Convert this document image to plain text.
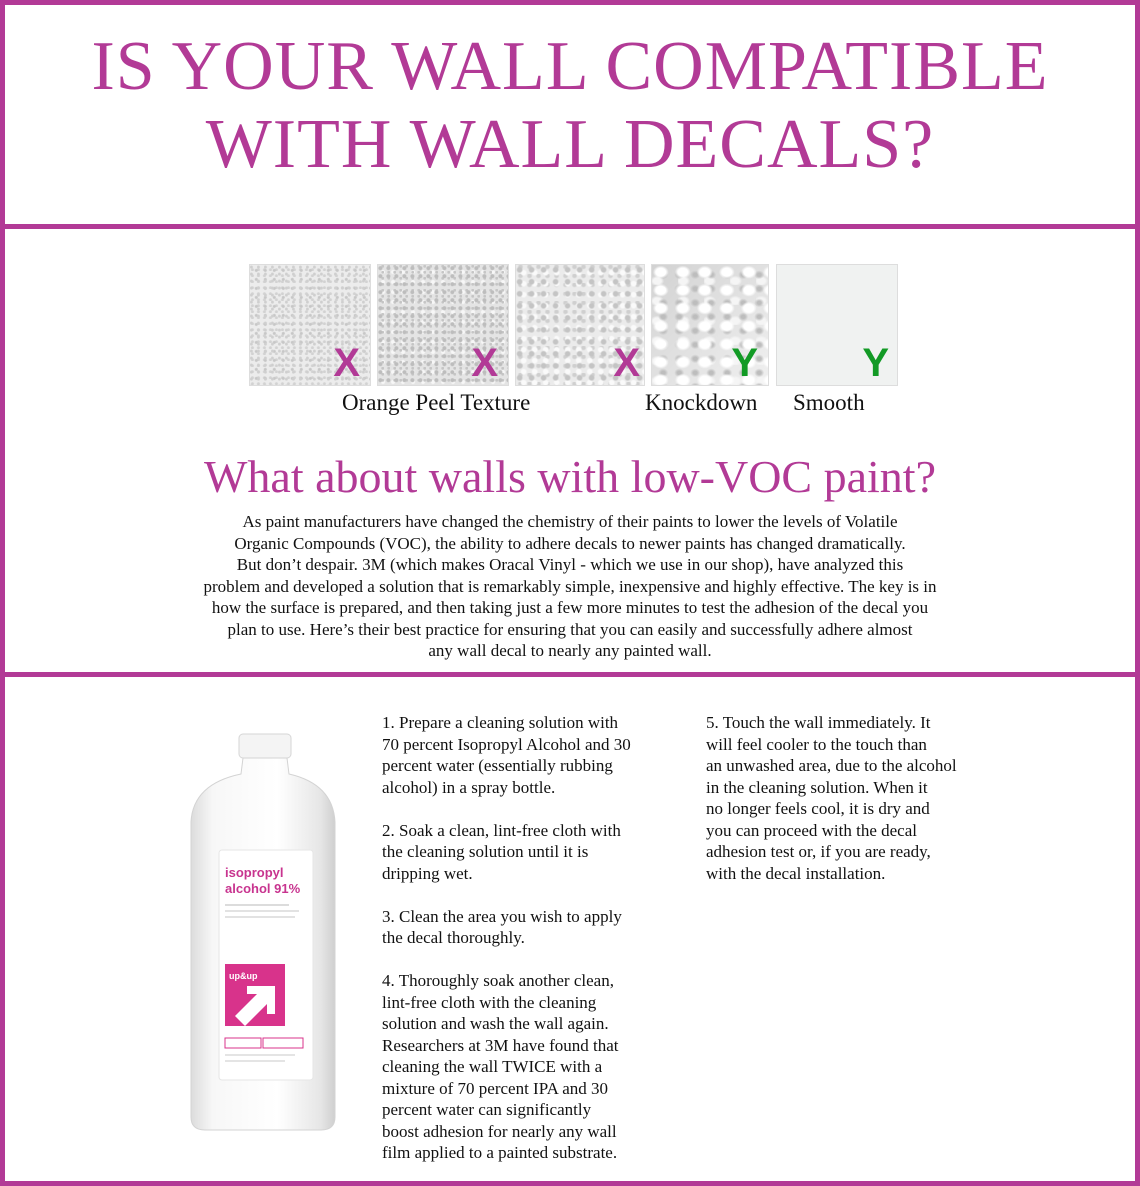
IS YOUR WALL COMPATIBLE
WITH WALL DECALS?
X	X	X Y	Y
Orange Peel Texture	Knockdown Smooth
What about walls with low-VOC paint?
As paint manufacturers have changed the chemistry of their paints to lower the levels of Volatile
Organic Compounds (VOC), the ability to adhere decals to newer paints has changed dramatically.
But don’t despair. 3M (which makes Oracal Vinyl - which we use in our shop), have analyzed this
problem and developed a solution that is remarkably simple, inexpensive and highly effective. The key is in
how the surface is prepared, and then taking just a few more minutes to test the adhesion of the decal you
plan to use. Here’s their best practice for ensuring that you can easily and successfully adhere almost
any wall decal to nearly any painted wall.
isopropyl
alcohol 91%
up&up

1. Prepare a cleaning solution with
70 percent Isopropyl Alcohol and 30
percent water (essentially rubbing
alcohol) in a spray bottle.

2. Soak a clean, lint-free cloth with
the cleaning solution until it is
dripping wet.

3. Clean the area you wish to apply
the decal thoroughly.

4. Thoroughly soak another clean,
lint-free cloth with the cleaning
solution and wash the wall again.
Researchers at 3M have found that
cleaning the wall TWICE with a
mixture of 70 percent IPA and 30
percent water can significantly
boost adhesion for nearly any wall
film applied to a painted substrate.

5. Touch the wall immediately. It
will feel cooler to the touch than
an unwashed area, due to the alcohol
in the cleaning solution. When it
no longer feels cool, it is dry and
you can proceed with the decal
adhesion test or, if you are ready,
with the decal installation.
